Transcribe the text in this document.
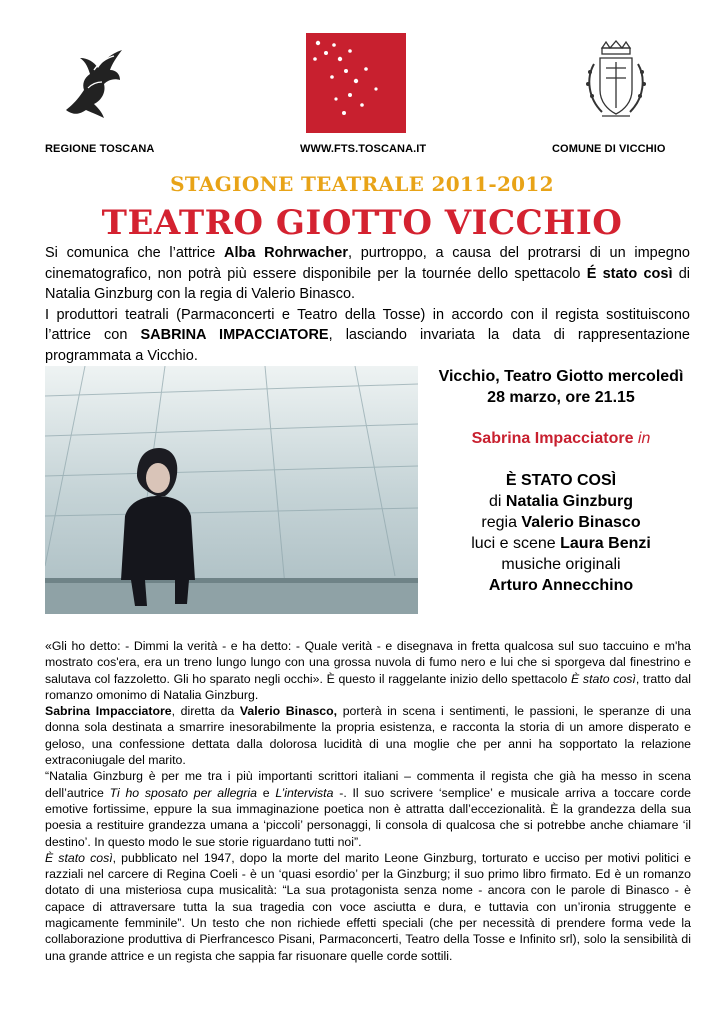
REGIONE TOSCANA	WWW.FTS.TOSCANA.IT	COMUNE DI VICCHIO
STAGIONE TEATRALE 2011-2012
TEATRO GIOTTO VICCHIO

Si comunica che l’attrice Alba Rohrwacher, purtroppo, a causa del protrarsi di un impegno cinematografico, non potrà più essere disponibile per la tournée dello spettacolo É stato così di Natalia Ginzburg con la regia di Valerio Binasco.

I produttori teatrali (Parmaconcerti e Teatro della Tosse) in accordo con il regista sostituiscono l’attrice con SABRINA IMPACCIATORE, lasciando invariata la data di rappresentazione programmata a Vicchio.

Vicchio, Teatro Giotto mercoledì 28 marzo, ore 21.15
Sabrina Impacciatore in
È STATO COSÌ
di Natalia Ginzburg
regia Valerio Binasco
luci e scene Laura Benzi
musiche originali
Arturo Annecchino

«Gli ho detto: - Dimmi la verità - e ha detto: - Quale verità - e disegnava in fretta qualcosa sul suo taccuino e m'ha mostrato cos'era, era un treno lungo lungo con una grossa nuvola di fumo nero e lui che si sporgeva dal finestrino e salutava col fazzoletto. Gli ho sparato negli occhi». È questo il raggelante inizio dello spettacolo È stato così, tratto dal romanzo omonimo di Natalia Ginzburg.

Sabrina Impacciatore, diretta da Valerio Binasco, porterà in scena i sentimenti, le passioni, le speranze di una donna sola destinata a smarrire inesorabilmente la propria esistenza, e racconta la storia di un amore disperato e geloso, una confessione dettata dalla dolorosa lucidità di una moglie che per anni ha sopportato la relazione extraconiugale del marito.

“Natalia Ginzburg è per me tra i più importanti scrittori italiani – commenta il regista che già ha messo in scena dell’autrice Ti ho sposato per allegria e L’intervista -. Il suo scrivere ‘semplice’ e musicale arriva a toccare corde emotive fortissime, eppure la sua immaginazione poetica non è attratta dall’eccezionalità. È la grandezza della sua poesia a restituire grandezza umana a ‘piccoli’ personaggi, li consola di qualcosa che si potrebbe anche chiamare ‘il destino’. In questo modo le sue storie riguardano tutti noi”.

È stato così, pubblicato nel 1947, dopo la morte del marito Leone Ginzburg, torturato e ucciso per motivi politici e razziali nel carcere di Regina Coeli - è un ‘quasi esordio’ per la Ginzburg; il suo primo libro firmato. Ed è un romanzo dotato di una misteriosa cupa musicalità: “La sua protagonista senza nome - ancora con le parole di Binasco - è capace di attraversare tutta la sua tragedia con voce asciutta e dura, e tuttavia con un’ironia struggente e magicamente femminile”. Un testo che non richiede effetti speciali (che per necessità di prendere forma vede la collaborazione produttiva di Pierfrancesco Pisani, Parmaconcerti, Teatro della Tosse e Infinito srl), solo la sensibilità di una grande attrice e un regista che sappia far risuonare quelle corde sottili.
